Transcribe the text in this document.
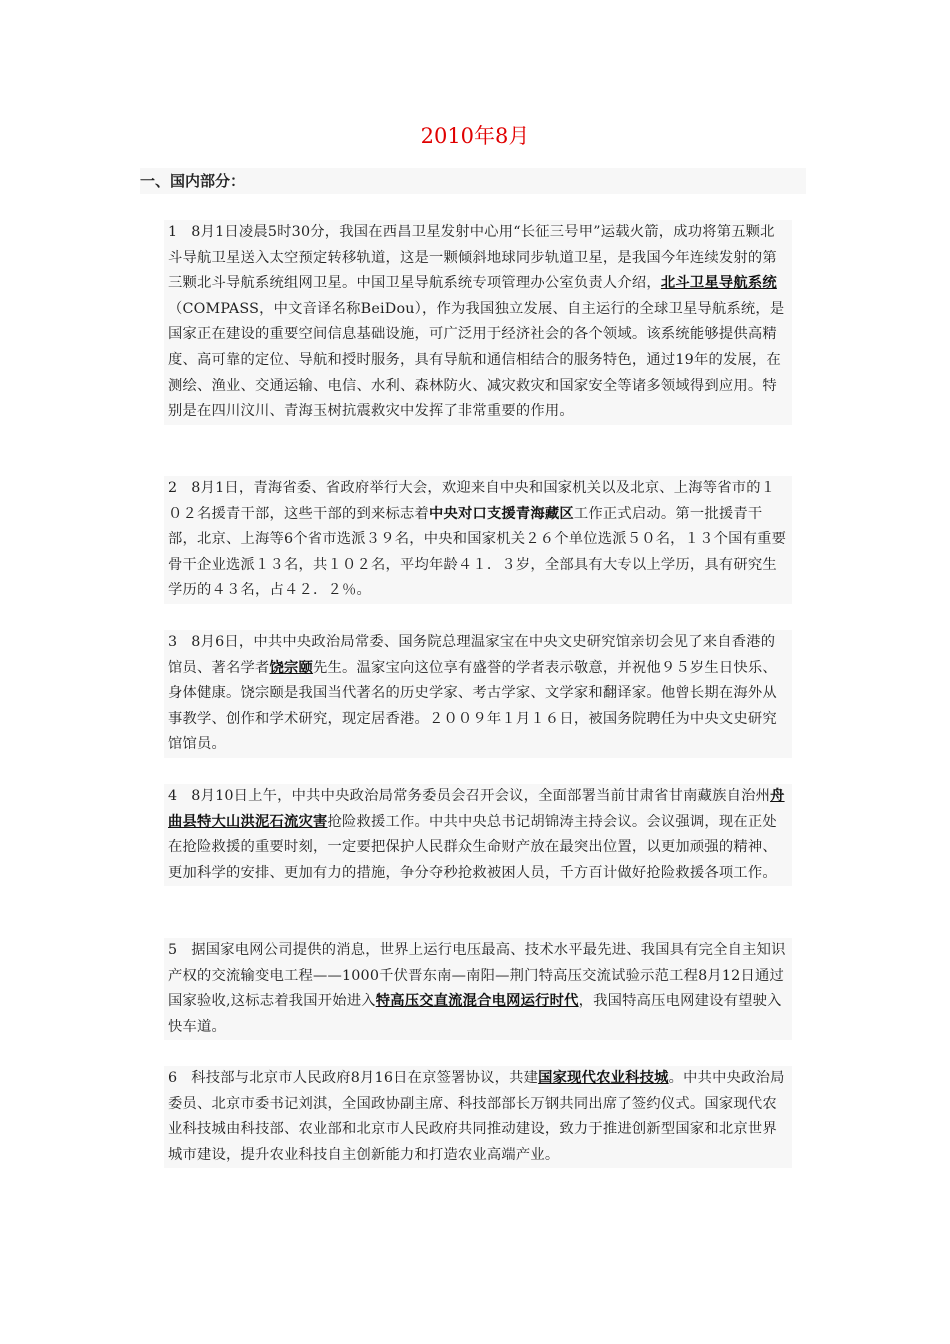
2010年8月
一、国内部分：
1 8月1日凌晨5时30分，我国在西昌卫星发射中心用“长征三号甲”运载火箭，成功将第五颗北斗导航卫星送入太空预定转移轨道，这是一颗倾斜地球同步轨道卫星，是我国今年连续发射的第三颗北斗导航系统组网卫星。中国卫星导航系统专项管理办公室负责人介绍，北斗卫星导航系统（COMPASS，中文音译名称BeiDou），作为我国独立发展、自主运行的全球卫星导航系统，是国家正在建设的重要空间信息基础设施，可广泛用于经济社会的各个领域。该系统能够提供高精度、高可靠的定位、导航和授时服务，具有导航和通信相结合的服务特色，通过19年的发展，在测绘、渔业、交通运输、电信、水利、森林防火、减灾救灾和国家安全等诸多领域得到应用。特别是在四川汶川、青海玉树抗震救灾中发挥了非常重要的作用。
2 8月1日，青海省委、省政府举行大会，欢迎来自中央和国家机关以及北京、上海等省市的１０２名援青干部，这些干部的到来标志着中央对口支援青海藏区工作正式启动。第一批援青干部，北京、上海等6个省市选派３９名，中央和国家机关２６个单位选派５０名，１３个国有重要骨干企业选派１３名，共１０２名，平均年龄４１．３岁，全部具有大专以上学历，具有研究生学历的４３名，占４２．２％。
3 8月6日，中共中央政治局常委、国务院总理温家宝在中央文史研究馆亲切会见了来自香港的馆员、著名学者饶宗颐先生。温家宝向这位享有盛誉的学者表示敬意，并祝他９５岁生日快乐、身体健康。饶宗颐是我国当代著名的历史学家、考古学家、文学家和翻译家。他曾长期在海外从事教学、创作和学术研究，现定居香港。２００９年１月１６日，被国务院聘任为中央文史研究馆馆员。
4 8月10日上午，中共中央政治局常务委员会召开会议，全面部署当前甘肃省甘南藏族自治州舟曲县特大山洪泥石流灾害抢险救援工作。中共中央总书记胡锦涛主持会议。会议强调，现在正处在抢险救援的重要时刻，一定要把保护人民群众生命财产放在最突出位置，以更加顽强的精神、更加科学的安排、更加有力的措施，争分夺秒抢救被困人员，千方百计做好抢险救援各项工作。
5 据国家电网公司提供的消息，世界上运行电压最高、技术水平最先进、我国具有完全自主知识产权的交流输变电工程——1000千伏晋东南—南阳—荆门特高压交流试验示范工程8月12日通过国家验收,这标志着我国开始进入特高压交直流混合电网运行时代，我国特高压电网建设有望驶入快车道。
6 科技部与北京市人民政府8月16日在京签署协议，共建国家现代农业科技城。中共中央政治局委员、北京市委书记刘淇，全国政协副主席、科技部部长万钢共同出席了签约仪式。国家现代农业科技城由科技部、农业部和北京市人民政府共同推动建设，致力于推进创新型国家和北京世界城市建设，提升农业科技自主创新能力和打造农业高端产业。
